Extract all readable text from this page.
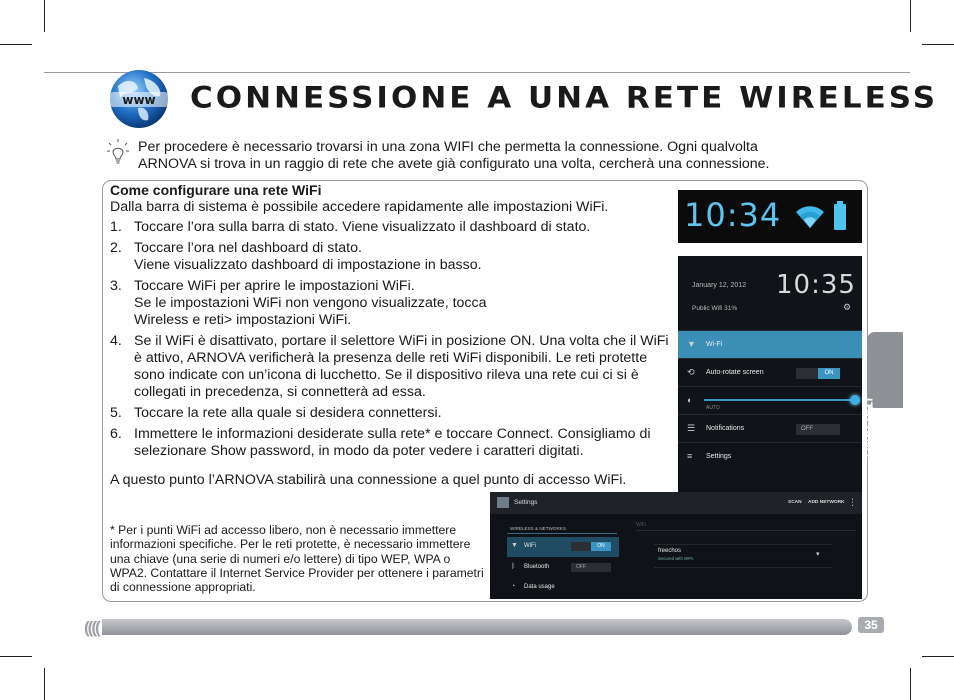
www CONNESSIONE A UNA RETE WIRELESS
Per procedere è necessario trovarsi in una zona WIFI che permetta la connessione. Ogni qualvolta ARNOVA si trova in un raggio di rete che avete già configurato una volta, cercherà una connessione.
Come configurare una rete WiFi
Dalla barra di sistema è possibile accedere rapidamente alle impostazioni WiFi.
1. Toccare l’ora sulla barra di stato. Viene visualizzato il dashboard di stato.
2. Toccare l’ora nel dashboard di stato.
Viene visualizzato dashboard di impostazione in basso.
3. Toccare WiFi per aprire le impostazioni WiFi.
Se le impostazioni WiFi non vengono visualizzate, tocca
Wireless e reti> impostazioni WiFi.
4. Se il WiFi è disattivato, portare il selettore WiFi in posizione ON. Una volta che il WiFi è attivo, ARNOVA verificherà la presenza delle reti WiFi disponibili. Le reti protette sono indicate con un’icona di lucchetto. Se il dispositivo rileva una rete cui ci si è collegati in precedenza, si connetterà ad essa.
5. Toccare la rete alla quale si desidera connettersi.
6. Immettere le informazioni desiderate sulla rete* e toccare Connect. Consigliamo di selezionare Show password, in modo da poter vedere i caratteri digitati.
A questo punto l’ARNOVA stabilirà una connessione a quel punto di accesso WiFi.
* Per i punti WiFi ad accesso libero, non è necessario immettere informazioni specifiche. Per le reti protette, è necessario immettere una chiave (una serie di numeri e/o lettere) di tipo WEP, WPA o WPA2. Contattare il Internet Service Provider per ottenere i parametri di connessione appropriati.
10:34
January 12, 2012 10:35
Public Wifi 31%	⚙
▼ Wi-Fi
⟲ Auto-rotate screen	ON
◐
AUTO
☰ Notifications	OFF
≡ Settings
Settings	SCAN ADD NETWORK ⋮
WIRELESS & NETWORKS
▼ WiFi	ON
ᛒ Bluetooth	OFF
◔ Data usage
WiFi
freechos
Secured with WPA
▾
ITALIANO
((((	35
